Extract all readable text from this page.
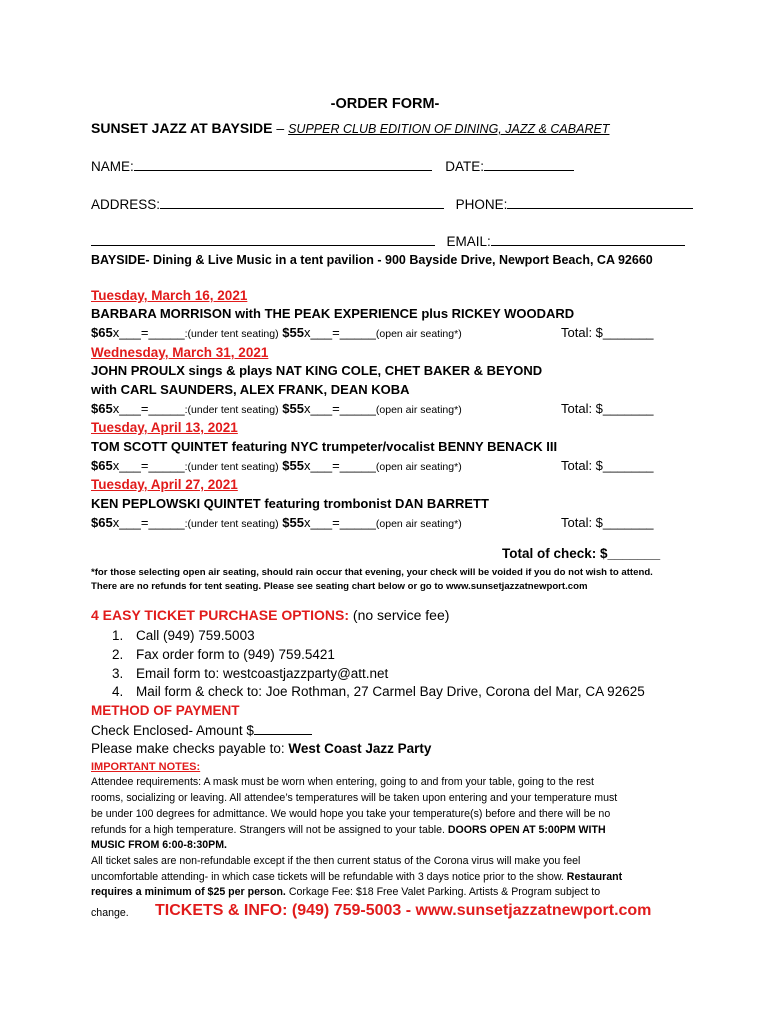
-ORDER FORM-
SUNSET JAZZ AT BAYSIDE – SUPPER CLUB EDITION OF DINING, JAZZ & CABARET
NAME:	DATE:
ADDRESS:	PHONE:
EMAIL:
BAYSIDE- Dining & Live Music in a tent pavilion - 900 Bayside Drive, Newport Beach, CA 92660
Tuesday, March 16, 2021
BARBARA MORRISON with THE PEAK EXPERIENCE plus RICKEY WOODARD
$65x___=_____:(under tent seating) $55x___=_____(open air seating*)	Total: $_______
Wednesday, March 31, 2021
JOHN PROULX sings & plays NAT KING COLE, CHET BAKER & BEYOND
with CARL SAUNDERS, ALEX FRANK, DEAN KOBA
$65x___=_____:(under tent seating) $55x___=_____(open air seating*)	Total: $_______
Tuesday, April 13, 2021
TOM SCOTT QUINTET featuring NYC trumpeter/vocalist BENNY BENACK III
$65x___=_____:(under tent seating) $55x___=_____(open air seating*)	Total: $_______
Tuesday, April 27, 2021
KEN PEPLOWSKI QUINTET featuring trombonist DAN BARRETT
$65x___=_____:(under tent seating) $55x___=_____(open air seating*)	Total: $_______
Total of check: $_______
*for those selecting open air seating, should rain occur that evening, your check will be voided if you do not wish to attend.
There are no refunds for tent seating. Please see seating chart below or go to www.sunsetjazzatnewport.com
4 EASY TICKET PURCHASE OPTIONS: (no service fee)
1. Call (949) 759.5003
2. Fax order form to (949) 759.5421
3. Email form to: westcoastjazzparty@att.net
4. Mail form & check to: Joe Rothman, 27 Carmel Bay Drive, Corona del Mar, CA 92625
METHOD OF PAYMENT
Check Enclosed- Amount $
Please make checks payable to: West Coast Jazz Party
IMPORTANT NOTES:
Attendee requirements: A mask must be worn when entering, going to and from your table, going to the rest
rooms, socializing or leaving. All attendee’s temperatures will be taken upon entering and your temperature must
be under 100 degrees for admittance. We would hope you take your temperature(s) before and there will be no
refunds for a high temperature. Strangers will not be assigned to your table. DOORS OPEN AT 5:00PM WITH
MUSIC FROM 6:00-8:30PM.
All ticket sales are non-refundable except if the then current status of the Corona virus will make you feel
uncomfortable attending- in which case tickets will be refundable with 3 days notice prior to the show. Restaurant
requires a minimum of $25 per person. Corkage Fee: $18 Free Valet Parking. Artists & Program subject to
change. TICKETS & INFO: (949) 759-5003 - www.sunsetjazzatnewport.com
